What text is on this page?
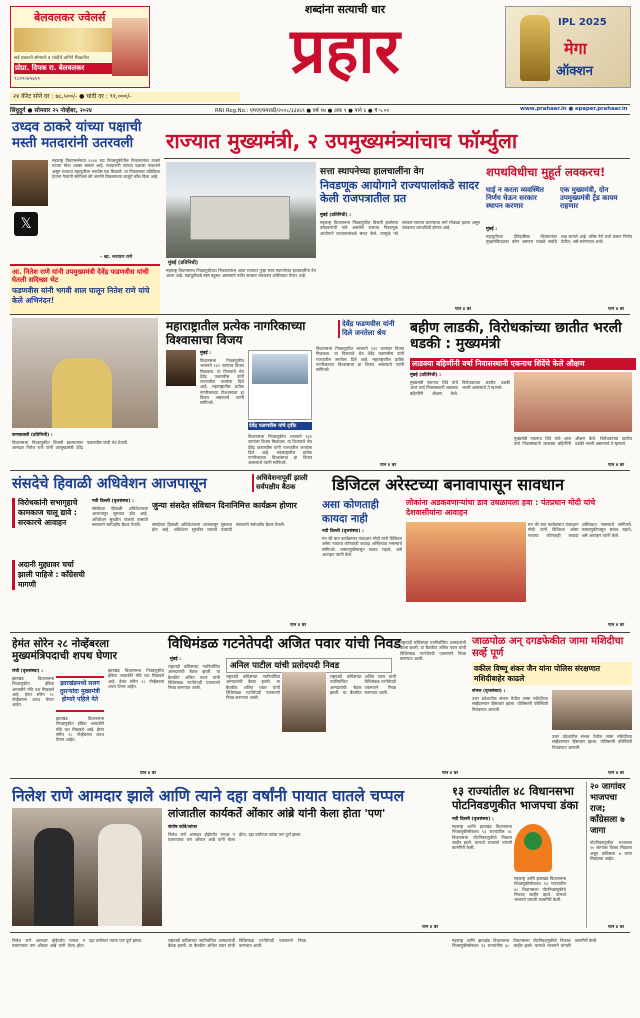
बेलवलकर ज्वेलर्स
सर्व प्रकारचे सोन्याचे व चांदीचे दागिने मिळतील
प्रोप्रा. दिपक रा. बेलवलकर
९८२२०४५६५९
शब्दांना सत्याची धार
प्रहार	IPL 2025
मेगा
ऑक्शन
२४ कॅरेट सोने दर : ७८,५००/- ● चांदी दर : ९१,०००/-
सिंधुदुर्ग ● सोमवार २५ नोव्हेंबर, २०२४	RNI Reg.No.: एमएएचमराठी/२००८/३३४६९ ● वर्ष १७ ● अंक ९ ● पाने ६ ● ₹ ५.००	www.prahaar.in ● epaper.prahaar.in
उध्दव ठाकरे यांच्या पक्षाची मस्ती मतदारांनी उतरवली
𝕏
महाराष्ट्र विधानसभेच्या २०२४ च्या निवडणुकीतील निकालांनंतर ठाकरे गटाला मोठा धक्का बसला आहे. मतदारांनी त्यांच्या पक्षाला नाकारले असून राज्यात महायुतीला भरघोस यश मिळाले. या निकालावर प्रतिक्रिया देताना नेत्यांनी सांगितले की जनतेने विकासाच्या बाजूने कौल दिला आहे.
– खा. नारायण राणे
राज्यात मुख्यमंत्री, २ उपमुख्यमंत्र्यांचाच फॉर्म्युला
मुंबई (प्रतिनिधी)
महाराष्ट्र विधानसभा निवडणुकीच्या निकालानंतर आता राज्यात पुन्हा सत्ता स्थापनेच्या हालचालींना वेग आला आहे. महायुतीकडे स्पष्ट बहुमत असल्याने नवीन सरकार लवकरच अस्तित्वात येणार आहे.
सत्ता स्थापनेच्या हालचालींना वेग
निवडणूक आयोगाने राज्यपालांकडे सादर केली राजपत्रातील प्रत
मुंबई (प्रतिनिधी) :
महाराष्ट्र विधानसभा निवडणुकीत विजयी झालेल्या उमेदवारांची नावे असलेले राजपत्र निवडणूक आयोगाने राज्यपालांकडे सादर केले. त्यामुळे नवे सरकार स्थापन करण्याचा मार्ग मोकळा झाला असून लवकरच शपथविधी होणार आहे.
पान ४ वर
शपथविधीचा मुहूर्त लवकरच!
घाई न करता व्यवस्थित निर्णय घेऊन सरकार स्थापन करणार
एक मुख्यमंत्री, दोन उपमुख्यमंत्री ट्रेंड कायम राहणार
मुंबई :
महायुतीच्या ऐतिहासिक विजयानंतर मुख्यमंत्रिपदावर कोण बसणार याकडे सर्वांचे लक्ष लागले आहे. वरिष्ठ नेते चर्चा करून निर्णय घेतील, असे सांगण्यात आले.
पान ४ वर
आ. नितेश राणे यांनी उपमुख्यमंत्री देवेंद्र फडणवीस यांची घेतली सदिच्छा भेट
फडणवीस यांनी भगवी शाल घालून नितेश राणे यांचे केले अभिनंदन!
कणकवली (प्रतिनिधी) :
विधानसभा निवडणुकीत विजयी झाल्यानंतर आमदार नितेश राणे यांनी उपमुख्यमंत्री देवेंद्र फडणवीस यांची भेट घेतली.
महाराष्ट्रातील प्रत्येक नागरिकाच्या विश्वासाचा विजय
देवेंद्र फडणवीस यांनी दिले जनतेला श्रेय
मुंबई :
विधानसभा निवडणुकीत भाजपने १३२ जागांवर विजय मिळवला. या विजयाचे श्रेय देवेंद्र फडणवीस यांनी राज्यातील जनतेला दिले आहे. महाराष्ट्रातील प्रत्येक नागरिकाच्या विश्वासाचा हा विजय असल्याचे त्यांनी सांगितले.
देवेंद्र फडणवीस यांचे ट्वीट
विधानसभा निवडणुकीत भाजपने १३२ जागांवर विजय मिळवला. या विजयाचे श्रेय देवेंद्र फडणवीस यांनी राज्यातील जनतेला दिले आहे. महाराष्ट्रातील प्रत्येक नागरिकाच्या विश्वासाचा हा विजय असल्याचे त्यांनी सांगितले.
विधानसभा निवडणुकीत भाजपने १३२ जागांवर विजय मिळवला. या विजयाचे श्रेय देवेंद्र फडणवीस यांनी राज्यातील जनतेला दिले आहे. महाराष्ट्रातील प्रत्येक नागरिकाच्या विश्वासाचा हा विजय असल्याचे त्यांनी सांगितले.
पान ४ वर
बहीण लाडकी, विरोधकांच्या छातीत भरली धडकी : मुख्यमंत्री
लाडक्या बहिणींनी वर्षा निवासस्थानी एकनाथ शिंदेंचे केले औक्षण
मुंबई (प्रतिनिधी) :
मुख्यमंत्री एकनाथ शिंदे यांचे आज वर्षा निवासस्थानी लाडक्या बहिणींनी औक्षण केले. विरोधकांच्या छातीत धडकी भरली असल्याचे ते म्हणाले.
मुख्यमंत्री एकनाथ शिंदे यांचे आज वर्षा निवासस्थानी लाडक्या बहिणींनी औक्षण केले. विरोधकांच्या छातीत धडकी भरली असल्याचे ते म्हणाले.
पान ४ वर
संसदेचे हिवाळी अधिवेशन आजपासून	अधिवेशनापूर्वी झाली सर्वपक्षीय बैठक
विरोधकांनी सभागृहाचे कामकाज चालू द्यावे : सरकारचे आवाहन
अदानी मुद्द्यावर चर्चा झाली पाहिजे : काँग्रेसची मागणी
नवी दिल्ली (वृत्तसंस्था) :
संसदेच्या हिवाळी अधिवेशनाला आजपासून सुरुवात होत आहे. अधिवेशन सुरळीत चालावे यासाठी सरकारने सर्वपक्षीय बैठक घेतली.
जुन्या संसदेत संविधान दिनानिमित्त कार्यक्रम होणार
संसदेच्या हिवाळी अधिवेशनाला आजपासून सुरुवात होत आहे. अधिवेशन सुरळीत चालावे यासाठी सरकारने सर्वपक्षीय बैठक घेतली.
पान ४ वर
डिजिटल अरेस्टच्या बनावापासून सावधान
असा कोणताही कायदा नाही
लोकांना अडकवणाऱ्यांचा डाव उधळायला हवा : पंतप्रधान मोदी यांचे देशवासीयांना आवाहन
नवी दिल्ली (वृत्तसंस्था) :
मन की बात कार्यक्रमात पंतप्रधान मोदी यांनी डिजिटल अरेस्ट नावाचा कोणताही कायदा अस्तित्वात नसल्याचे सांगितले. फसवणुकीपासून सावध राहावे, असे आवाहन त्यांनी केले.
मन की बात कार्यक्रमात पंतप्रधान मोदी यांनी डिजिटल अरेस्ट नावाचा कोणताही कायदा अस्तित्वात नसल्याचे सांगितले. फसवणुकीपासून सावध राहावे, असे आवाहन त्यांनी केले.
पान ४ वर
हेमंत सोरेन २८ नोव्हेंबरला मुख्यमंत्रिपदाची शपथ घेणार
रांची (वृत्तसंस्था) :
झारखंड विधानसभा निवडणुकीत इंडिया आघाडीने मोठे यश मिळवले आहे. हेमंत सोरेन २८ नोव्हेंबरला शपथ घेणार आहेत.
झारखंडमध्ये सलग दुसऱ्यांदा मुख्यमंत्री होणारे पहिले नेते
झारखंड विधानसभा निवडणुकीत इंडिया आघाडीने मोठे यश मिळवले आहे. हेमंत सोरेन २८ नोव्हेंबरला शपथ घेणार आहेत.
झारखंड विधानसभा निवडणुकीत इंडिया आघाडीने मोठे यश मिळवले आहे. हेमंत सोरेन २८ नोव्हेंबरला शपथ घेणार आहेत.
पान ४ वर
विधिमंडळ गटनेतेपदी अजित पवार यांची निवड
मुंबई :
राष्ट्रवादी काँग्रेसच्या नवनिर्वाचित आमदारांची बैठक झाली. या बैठकीत अजित पवार यांची विधिमंडळ गटनेतेपदी एकमताने निवड करण्यात आली.
अनिल पाटील यांची प्रतोदपदी निवड
राष्ट्रवादी काँग्रेसच्या नवनिर्वाचित आमदारांची बैठक झाली. या बैठकीत अजित पवार यांची विधिमंडळ गटनेतेपदी एकमताने निवड करण्यात आली.
राष्ट्रवादी काँग्रेसच्या नवनिर्वाचित आमदारांची बैठक झाली. या बैठकीत अजित पवार यांची विधिमंडळ गटनेतेपदी एकमताने निवड करण्यात आली.
राष्ट्रवादी काँग्रेसच्या नवनिर्वाचित आमदारांची बैठक झाली. या बैठकीत अजित पवार यांची विधिमंडळ गटनेतेपदी एकमताने निवड करण्यात आली.
पान ४ वर
जाळपोळ अन् दगडफेकीत जामा मशिदीचा सर्व्हे पूर्ण
वकील विष्णू शंकर जैन यांना पोलिस संरक्षणात मशिदीबाहेर काढले
संभल (वृत्तसंस्था) :
उत्तर प्रदेशातील संभल येथील जामा मशिदीच्या सर्व्हेदरम्यान हिंसाचार झाला. पोलिसांनी परिस्थिती नियंत्रणात आणली.
उत्तर प्रदेशातील संभल येथील जामा मशिदीच्या सर्व्हेदरम्यान हिंसाचार झाला. पोलिसांनी परिस्थिती नियंत्रणात आणली.
पान ४ वर
निलेश राणे आमदार झाले आणि त्याने दहा वर्षांनी पायात घातले चप्पल
लांजातील कार्यकर्ते ओंकार आंब्रे यांनी केला होता 'पण'
संतोष कोत्रे/लांजा
निलेश राणे आमदार होईपर्यंत चप्पल न घालण्याचा पण ओंकार आंब्रे यांनी केला होता. दहा वर्षांनंतर त्यांचा पण पूर्ण झाला.
पान ४ वर
१३ राज्यांतील ४८ विधानसभा पोटनिवडणुकीत भाजपचा डंका
नवी दिल्ली (वृत्तसंस्था) :
महाराष्ट्र आणि झारखंड विधानसभा निवडणुकीसोबतच १३ राज्यांतील ४८ विधानसभा पोटनिवडणुकीचे निकाल जाहीर झाले. यामध्ये भाजपने चांगली कामगिरी केली.
महाराष्ट्र आणि झारखंड विधानसभा निवडणुकीसोबतच १३ राज्यांतील ४८ विधानसभा पोटनिवडणुकीचे निकाल जाहीर झाले. यामध्ये भाजपने चांगली कामगिरी केली.
२० जागांवर भाजपचा राज; काँग्रेसला ७ जागा
पोटनिवडणुकीत भाजपला २० जागांवर विजय मिळाला असून काँग्रेसला ७ जागा मिळाल्या आहेत.
पान ४ वर
निलेश राणे आमदार होईपर्यंत चप्पल न घालण्याचा पण ओंकार आंब्रे यांनी केला होता. दहा वर्षांनंतर त्यांचा पण पूर्ण झाला.	राष्ट्रवादी काँग्रेसच्या नवनिर्वाचित आमदारांची बैठक झाली. या बैठकीत अजित पवार यांची विधिमंडळ गटनेतेपदी एकमताने निवड करण्यात आली.
महाराष्ट्र आणि झारखंड विधानसभा निवडणुकीसोबतच १३ राज्यांतील ४८ विधानसभा पोटनिवडणुकीचे निकाल जाहीर झाले. यामध्ये भाजपने चांगली कामगिरी केली.
